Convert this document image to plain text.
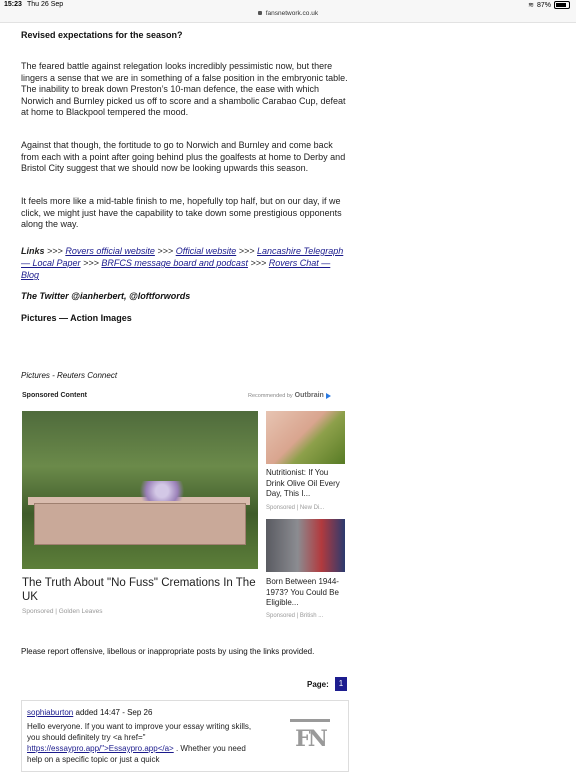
15:23 Thu 26 Sep	≋ 87%
fansnetwork.co.uk
Revised expectations for the season?

The feared battle against relegation looks incredibly pessimistic now, but there lingers a sense that we are in something of a false position in the embryonic table. The inability to break down Preston’s 10-man defence, the ease with which Norwich and Burnley picked us off to score and a shambolic Carabao Cup, defeat at home to Blackpool tempered the mood.

Against that though, the fortitude to go to Norwich and Burnley and come back from each with a point after going behind plus the goalfests at home to Derby and Bristol City suggest that we should now be looking upwards this season.

It feels more like a mid-table finish to me, hopefully top half, but on our day, if we click, we might just have the capability to take down some prestigious opponents along the way.

Links >>> Rovers official website >>> Official website >>> Lancashire Telegraph — Local Paper >>> BRFCS message board and podcast >>> Rovers Chat — Blog
The Twitter @ianherbert, @loftforwords
Pictures — Action Images
Pictures - Reuters Connect
Sponsored Content	Recommended by Outbrain
The Truth About "No Fuss" Cremations In The UK
Sponsored | Golden Leaves
Nutritionist: If You Drink Olive Oil Every Day, This I...
Sponsored | New Di...
Born Between 1944-1973? You Could Be Eligible...
Sponsored | British ...
Please report offensive, libellous or inappropriate posts by using the links provided.
Page:	1
sophiaburton added 14:47 - Sep 26
Hello everyone. If you want to improve your essay writing skills, you should definitely try <a href=" https://essaypro.app/">Essaypro.app</a> . Whether you need help on a specific topic or just a quick
FN
